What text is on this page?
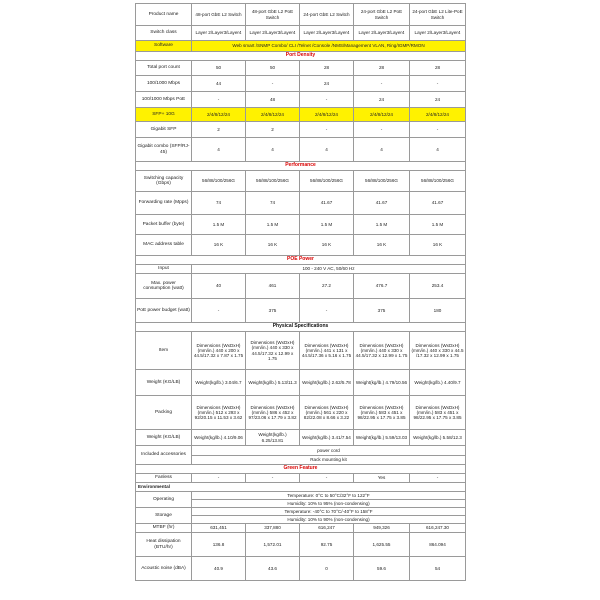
Product name	48-port GbE L2 Switch	48-port GbE L2 PoE Switch	24-port GbE L2 Switch	24-port GbE L2 PoE Switch	24-port GbE L2 Lite-PoE Switch
Switch class	Layer 2/Layer3/Layer4	Layer 2/Layer3/Layer4	Layer 2/Layer3/Layer4	Layer 2/Layer3/Layer4	Layer 2/Layer3/Layer4
Software	Web smart /SNMP Combo/ CLI /Telnet /Console /NMS/Management VLAN, Ring/IGMP/RMON				
Port Density					
Total port count	50	50	28	28	28
100/1000 Mbps	44	-	24	-	-
100/1000 Mbps PoE	-	48	-	24	24
SFP+ 10G	2/4/8/12/24	2/4/8/12/24	2/4/8/12/24	2/4/8/12/24	2/4/8/12/24
Gigabit SFP	2	2	-	-	-
Gigabit combo (SFP/RJ-45)	4	4	4	4	4
Performance					
Switching capacity (Gbps)	56/88/100/256G	56/88/100/256G	56/88/100/256G	56/88/100/256G	56/88/100/256G
Forwarding rate (Mpps)	74	74	41.67	41.67	41.67
Packet buffer (byte)	1.5 M	1.5 M	1.5 M	1.5 M	1.5 M
MAC address table	16 K	16 K	16 K	16 K	16 K
POE Power					
Input	100 - 240 V AC, 50/60 Hz				
Max. power consumption (watt)	40	461	27.2	476.7	253.4
PoE power budget (watt)	-	375	-	375	180
Physical Specifications					
Item	Dimensions (WxDxH)(mm/in.) 440 x 200 x 44.5/17.32 x 7.87 x 1.75	Dimensions (WxDxH)(mm/in.) 440 x 330 x 44.5/17.32 x 12.99 x 1.75	Dimensions (WxDxH)(mm/in.) 441 x 131 x 44.5/17.36 x 5.16 x 1.75	Dimensions (WxDxH)(mm/in.) 440 x 330 x 44.5/17.32 x 12.99 x 1.75	Dimensions (WxDxH)(mm/in.) 440 x 330 x 44.5 /17.32 x 12.99 x 1.75
Weight (KG/LB)	Weight(kg/lb.) 3.04/6.7	Weight(kg/lb.) 5.13/11.3	Weight(kg/lb.) 2.62/5.78	Weight(kg/lb.) 4.79/10.56	Weight(kg/lb.) 4.40/9.7
Packing	Dimensions (WxDxH)(mm/in.) 512 x 293 x 92/20.15 x 11.53 x 3.62	Dimensions (WxDxH)(mm/in.) 586 x 452 x 97/23.06 x 17.79 x 3.82	Dimensions (WxDxH)(mm/in.) 561 x 220 x 82/22.08 x 8.66 x 3.22	Dimensions (WxDxH)(mm/in.) 583 x 451 x 98/22.95 x 17.75 x 3.85	Dimensions (WxDxH)(mm/in.) 583 x 451 x 98/22.95 x 17.75 x 3.85
Weight (KG/LB)	Weight(kg/lb.) 4.10/9.06	Weight(kg/lb.) 6.25/13.81	Weight(kg/lb.) 3.41/7.54	Weight(kg/lb.) 5.59/13.03	Weight(kg/lb.) 5.58/12.3
Included accessories	power cord				
	Rack mounting kit				
Green Feature					
Fanless	-	-	-	Yes	-
Environmental					
Operating	Temperature: 0°C to 50°C/32°F to 122°F				
	Humidity: 10% to 95% (non-condensing)				
Storage	Temperature: -40°C to 70°C/-40°F to 158°F				
	Humidity: 10% to 90% (non-condensing)				
MTBF (hr)	631,451	337,880	616,247	949,326	616,247.30
Heat dissipation (BTU/hr)	136.8	1,572.01	92.75	1,625.55	864.094
Acoustic noise (dBA)	40.9	43.6	0	59.6	54
